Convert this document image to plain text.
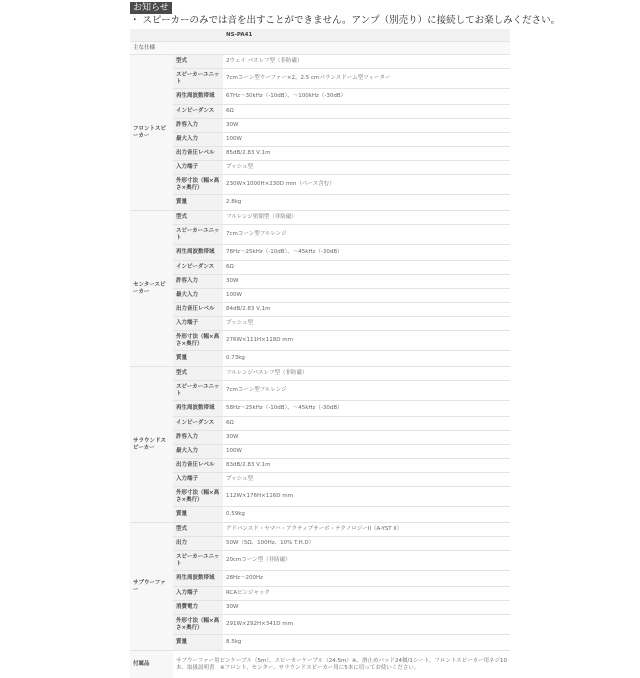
お知らせ
・ スピーカーのみでは音を出すことができません。アンプ（別売り）に接続してお楽しみください。
		NS-PA41
主な仕様		
フロントスピーカー	型式	2ウェイ バスレフ型（非防磁）
	スピーカーユニット	7cmコーン型ウーファー×2、2.5 cmバランスドーム型ツィーター
	再生周波数帯域	67Hz～30kHz（-10dB）、～100kHz（-30dB）
	インピーダンス	6Ω
	許容入力	30W
	最大入力	100W
	出力音圧レベル	85dB/2.83 V,1m
	入力端子	プッシュ型
	外形寸法（幅×高さ×奥行）	230W×1000H×230D mm（ベース含む）
	質量	2.8kg
センタースピーカー	型式	フルレンジ密閉型（非防磁）
	スピーカーユニット	7cmコーン型フルレンジ
	再生周波数帯域	78Hz～25kHz（-10dB）、～45kHz（-30dB）
	インピーダンス	6Ω
	許容入力	30W
	最大入力	100W
	出力音圧レベル	84dB/2.83 V,1m
	入力端子	プッシュ型
	外形寸法（幅×高さ×奥行）	276W×111H×118D mm
	質量	0.73kg
サラウンドスピーカー	型式	フルレンジバスレフ型（非防磁）
	スピーカーユニット	7cmコーン型フルレンジ
	再生周波数帯域	58Hz～25kHz（-10dB）、～45kHz（-30dB）
	インピーダンス	6Ω
	許容入力	30W
	最大入力	100W
	出力音圧レベル	83dB/2.83 V,1m
	入力端子	プッシュ型
	外形寸法（幅×高さ×奥行）	112W×176H×116D mm
	質量	0.59kg
サブウーファー	型式	アドバンスド・ヤマハ・アクティブサーボ・テクノロジーII（A-YST II）
	出力	50W（5Ω、100Hz、10% T.H.D）
	スピーカーユニット	20cmコーン型（非防磁）
	再生周波数帯域	28Hz～200Hz
	入力端子	RCAピンジャック
	消費電力	30W
	外形寸法（幅×高さ×奥行）	291W×292H×341D mm
	質量	8.5kg
付属品	サブウーファー用ピンケーブル（5m）、スピーカーケーブル（24.5m）※、滑止めパッド24個/1シート、フロントスピーカー用ネジ10本、取扱説明書　※フロント、センター、サラウンドスピーカー用に5本に切ってお使いください。	
